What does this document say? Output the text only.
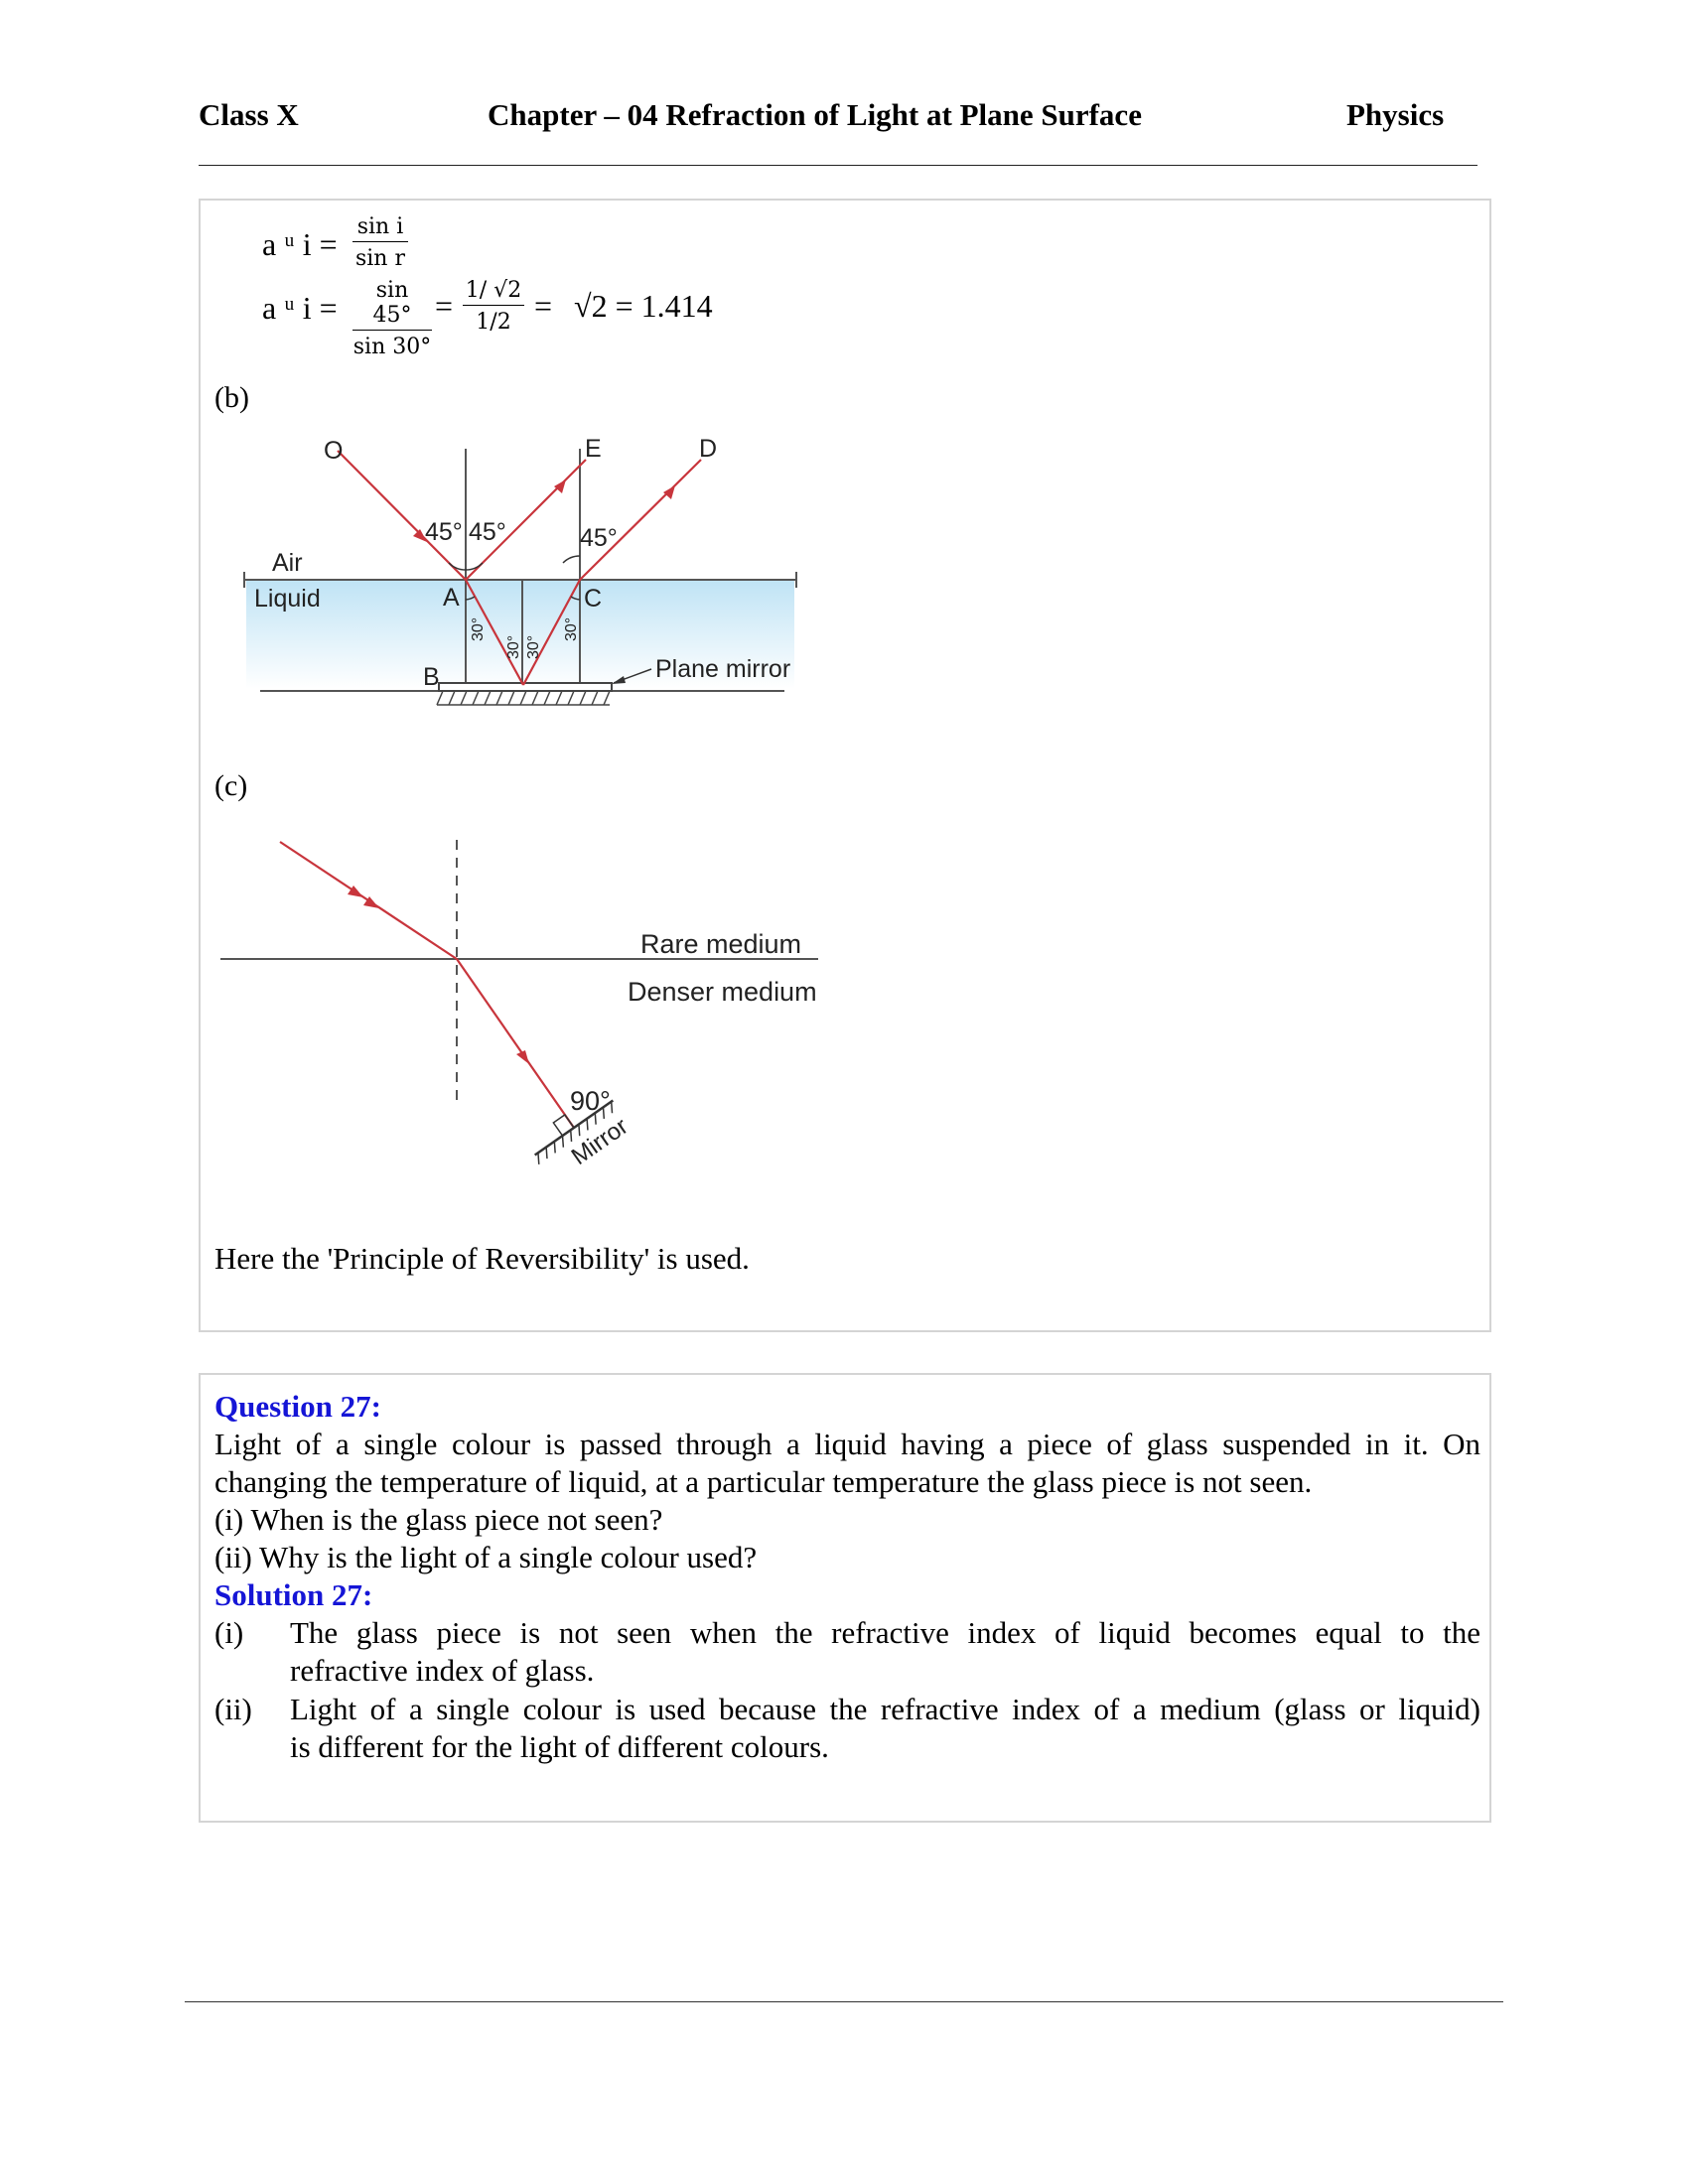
Class X	Chapter – 04 Refraction of Light at Plane Surface	Physics
a ᵘ $i = \frac{\text{sin i}}{\text{sin r}}$
a ᵘ $i = \frac{\sin 45^\circ}{\sin 30^\circ} = \frac{1/ √2}{1/2} = √2 = 1.414$
(b)
O	E	D
45° 45°	45°
Air
Liquid	A
B
C
Plane mirror
30°
30° 30°
30°
Mirror
Rare medium
Denser medium
90°
(c)
Here the 'Principle of Reversibility' is used.
Question 27:
Light of a single colour is passed through a liquid having a piece of glass suspended in it. On
changing the temperature of liquid, at a particular temperature the glass piece is not seen.
(i) When is the glass piece not seen?
(ii) Why is the light of a single colour used?
Solution 27:
(i) The glass piece is not seen when the refractive index of liquid becomes equal to the
refractive index of glass.
(ii) Light of a single colour is used because the refractive index of a medium (glass or liquid)
is different for the light of different colours.
